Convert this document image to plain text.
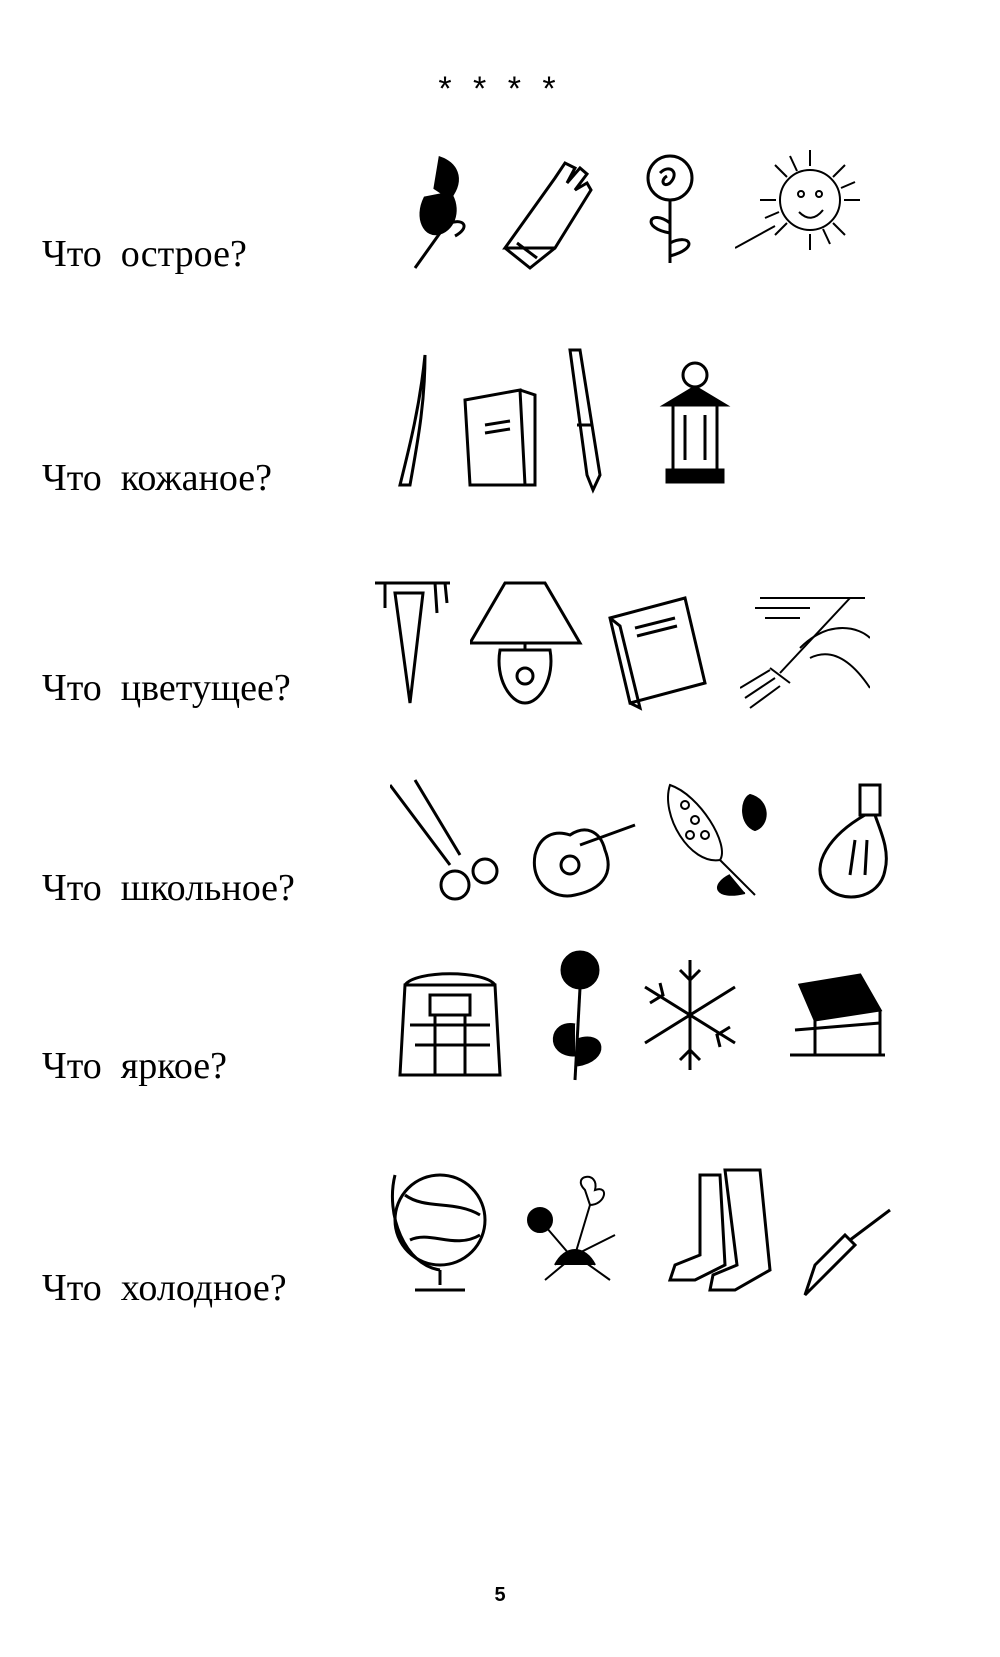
* * * *
Что  острое?
Что  кожаное?
Что  цветущее?
Что  школьное?
Что  яркое?
Что  холодное?
5
